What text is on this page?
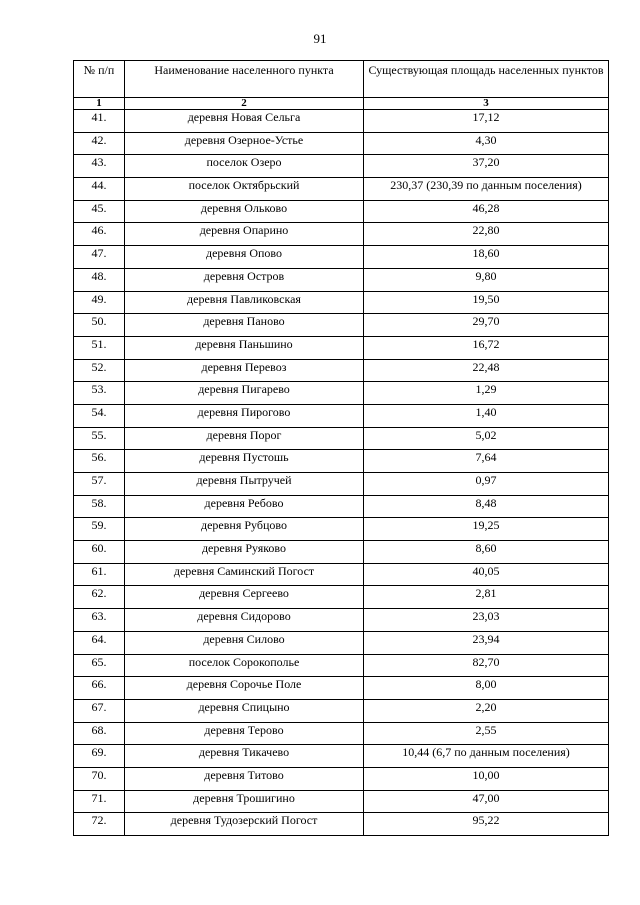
91
№ п/п	Наименование населенного пункта	Существующая площадь населенных пунктов
1	2	3
41.	деревня Новая Сельга	17,12
42.	деревня Озерное-Устье	4,30
43.	поселок Озеро	37,20
44.	поселок Октябрьский	230,37 (230,39 по данным поселения)
45.	деревня Ольково	46,28
46.	деревня Опарино	22,80
47.	деревня Опово	18,60
48.	деревня Остров	9,80
49.	деревня Павликовская	19,50
50.	деревня Паново	29,70
51.	деревня Паньшино	16,72
52.	деревня Перевоз	22,48
53.	деревня Пигарево	1,29
54.	деревня Пирогово	1,40
55.	деревня Порог	5,02
56.	деревня Пустошь	7,64
57.	деревня Пытручей	0,97
58.	деревня Ребово	8,48
59.	деревня Рубцово	19,25
60.	деревня Руяково	8,60
61.	деревня Саминский Погост	40,05
62.	деревня Сергеево	2,81
63.	деревня Сидорово	23,03
64.	деревня Силово	23,94
65.	поселок Сорокополье	82,70
66.	деревня Сорочье Поле	8,00
67.	деревня Спицыно	2,20
68.	деревня Терово	2,55
69.	деревня Тикачево	10,44 (6,7 по данным поселения)
70.	деревня Титово	10,00
71.	деревня Трошигино	47,00
72.	деревня Тудозерский Погост	95,22
